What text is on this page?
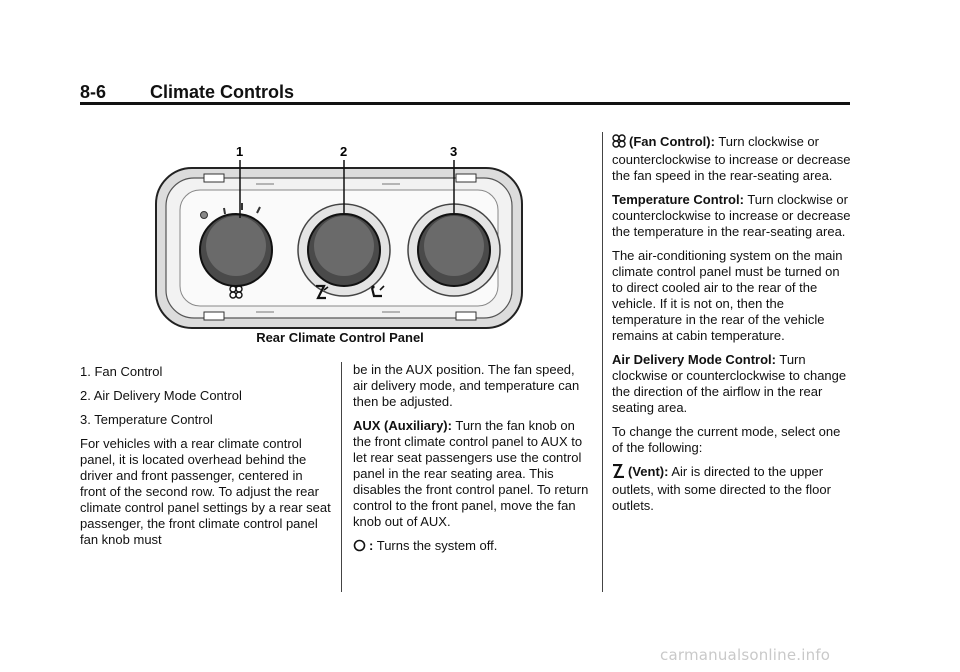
8-6 Climate Controls
1	2	3
Rear Climate Control Panel
1. Fan Control
2. Air Delivery Mode Control
3. Temperature Control

For vehicles with a rear climate control panel, it is located overhead behind the driver and front passenger, centered in front of the second row. To adjust the rear climate control panel settings by a rear seat passenger, the front climate control panel fan knob must

be in the AUX position. The fan speed, air delivery mode, and temperature can then be adjusted.

AUX (Auxiliary): Turn the fan knob on the front climate control panel to AUX to let rear seat passengers use the control panel in the rear seating area. This disables the front control panel. To return control to the front panel, move the fan knob out of AUX.

: Turns the system off.

(Fan Control): Turn clockwise or counterclockwise to increase or decrease the fan speed in the rear-seating area.

Temperature Control: Turn clockwise or counterclockwise to increase or decrease the temperature in the rear-seating area.

The air-conditioning system on the main climate control panel must be turned on to direct cooled air to the rear of the vehicle. If it is not on, then the temperature in the rear of the vehicle remains at cabin temperature.

Air Delivery Mode Control: Turn clockwise or counterclockwise to change the direction of the airflow in the rear seating area.

To change the current mode, select one of the following:

(Vent): Air is directed to the upper outlets, with some directed to the floor outlets.

carmanualsonline.info
